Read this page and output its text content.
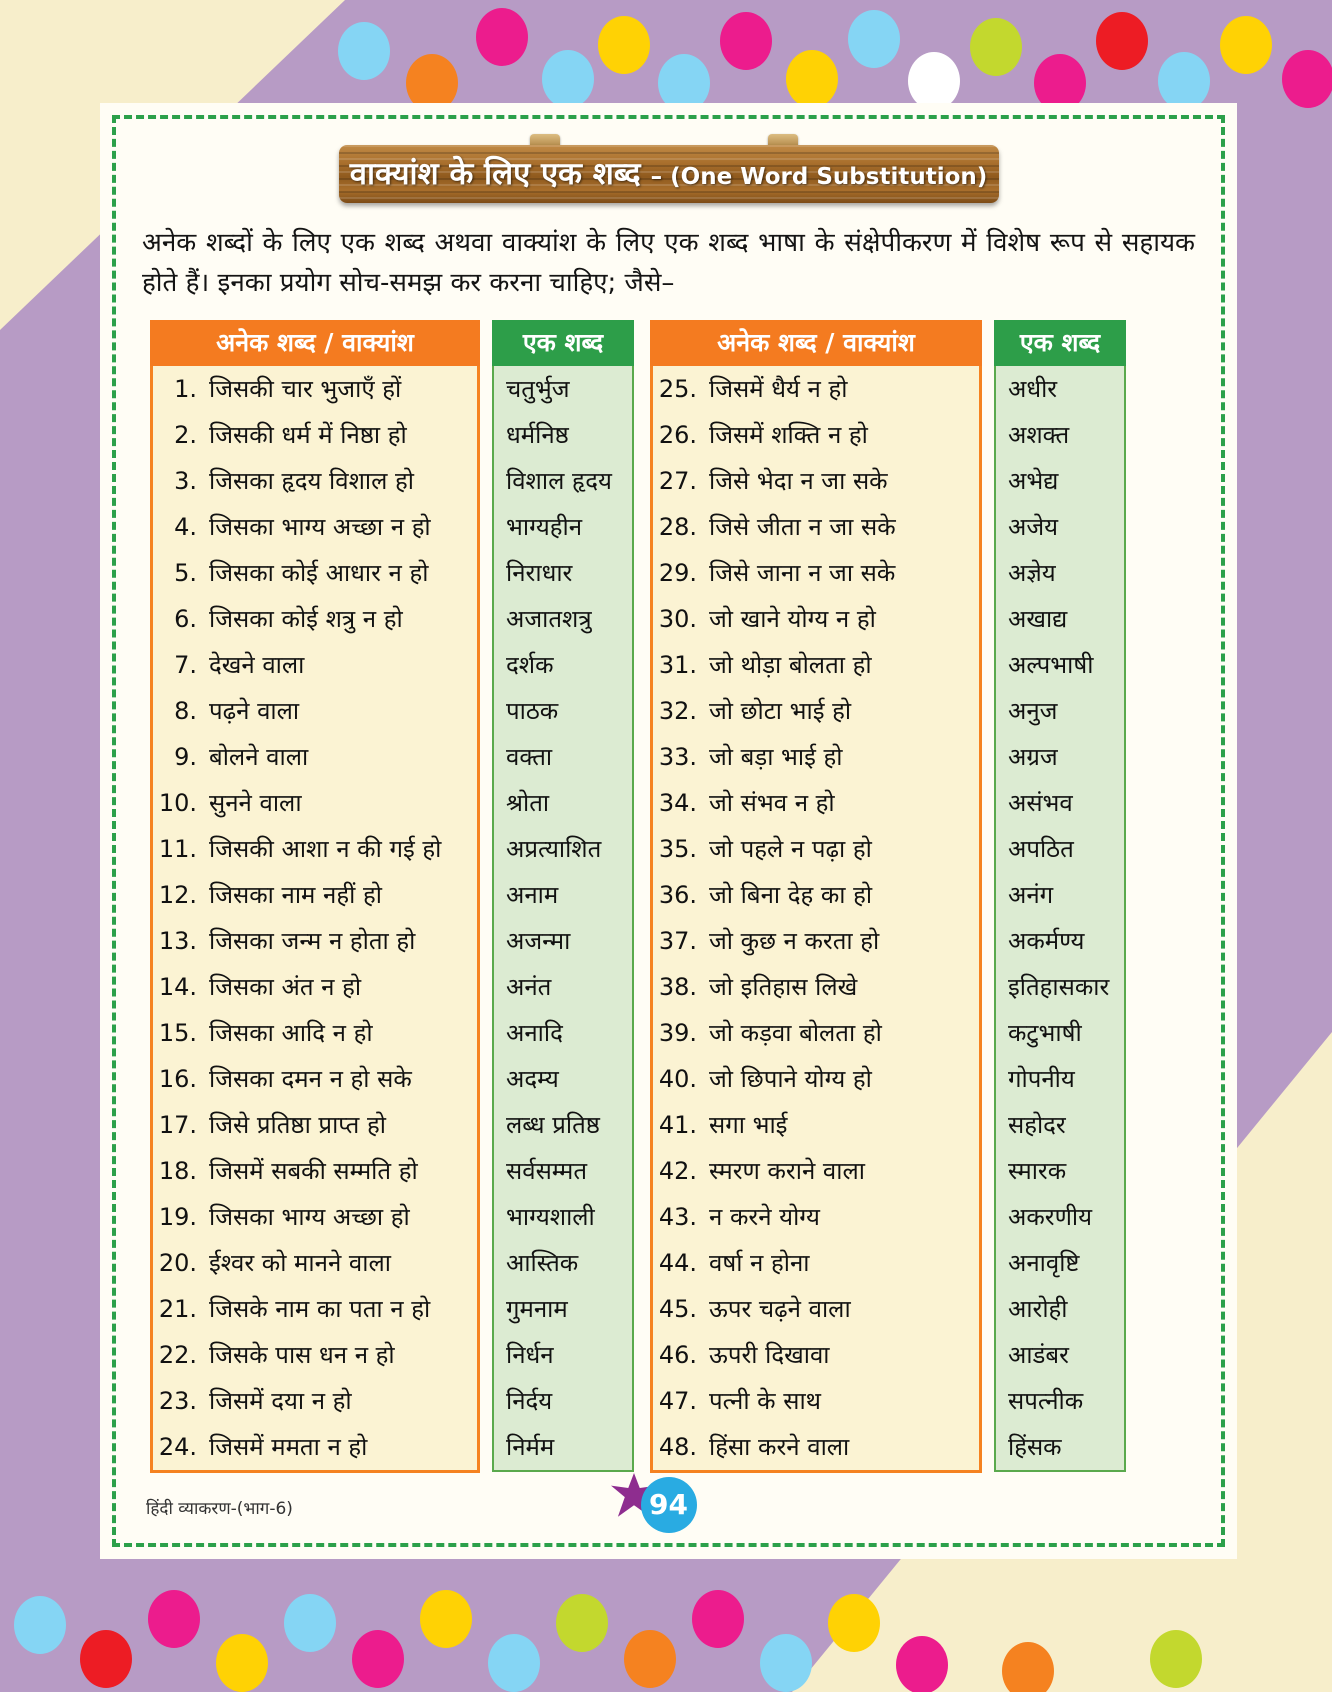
वाक्यांश के लिए एक शब्द – (One Word Substitution)

अनेक शब्दों के लिए एक शब्द अथवा वाक्यांश के लिए एक शब्द भाषा के संक्षेपीकरण में विशेष रूप से सहायक होते हैं। इनका प्रयोग सोच-समझ कर करना चाहिए; जैसे–

अनेक शब्द / वाक्यांश
1. जिसकी चार भुजाएँ हों
2. जिसकी धर्म में निष्ठा हो
3. जिसका हृदय विशाल हो
4. जिसका भाग्य अच्छा न हो
5. जिसका कोई आधार न हो
6. जिसका कोई शत्रु न हो
7. देखने वाला
8. पढ़ने वाला
9. बोलने वाला
10. सुनने वाला
11. जिसकी आशा न की गई हो
12. जिसका नाम नहीं हो
13. जिसका जन्म न होता हो
14. जिसका अंत न हो
15. जिसका आदि न हो
16. जिसका दमन न हो सके
17. जिसे प्रतिष्ठा प्राप्त हो
18. जिसमें सबकी सम्मति हो
19. जिसका भाग्य अच्छा हो
20. ईश्वर को मानने वाला
21. जिसके नाम का पता न हो
22. जिसके पास धन न हो
23. जिसमें दया न हो
24. जिसमें ममता न हो
एक शब्द
चतुर्भुज
धर्मनिष्ठ
विशाल हृदय
भाग्यहीन
निराधार
अजातशत्रु
दर्शक
पाठक
वक्ता
श्रोता
अप्रत्याशित
अनाम
अजन्मा
अनंत
अनादि
अदम्य
लब्ध प्रतिष्ठ
सर्वसम्मत
भाग्यशाली
आस्तिक
गुमनाम
निर्धन
निर्दय
निर्मम
अनेक शब्द / वाक्यांश
25. जिसमें धैर्य न हो
26. जिसमें शक्ति न हो
27. जिसे भेदा न जा सके
28. जिसे जीता न जा सके
29. जिसे जाना न जा सके
30. जो खाने योग्य न हो
31. जो थोड़ा बोलता हो
32. जो छोटा भाई हो
33. जो बड़ा भाई हो
34. जो संभव न हो
35. जो पहले न पढ़ा हो
36. जो बिना देह का हो
37. जो कुछ न करता हो
38. जो इतिहास लिखे
39. जो कड़वा बोलता हो
40. जो छिपाने योग्य हो
41. सगा भाई
42. स्मरण कराने वाला
43. न करने योग्य
44. वर्षा न होना
45. ऊपर चढ़ने वाला
46. ऊपरी दिखावा
47. पत्नी के साथ
48. हिंसा करने वाला
एक शब्द
अधीर
अशक्त
अभेद्य
अजेय
अज्ञेय
अखाद्य
अल्पभाषी
अनुज
अग्रज
असंभव
अपठित
अनंग
अकर्मण्य
इतिहासकार
कटुभाषी
गोपनीय
सहोदर
स्मारक
अकरणीय
अनावृष्टि
आरोही
आडंबर
सपत्नीक
हिंसक
हिंदी व्याकरण-(भाग-6)	94
